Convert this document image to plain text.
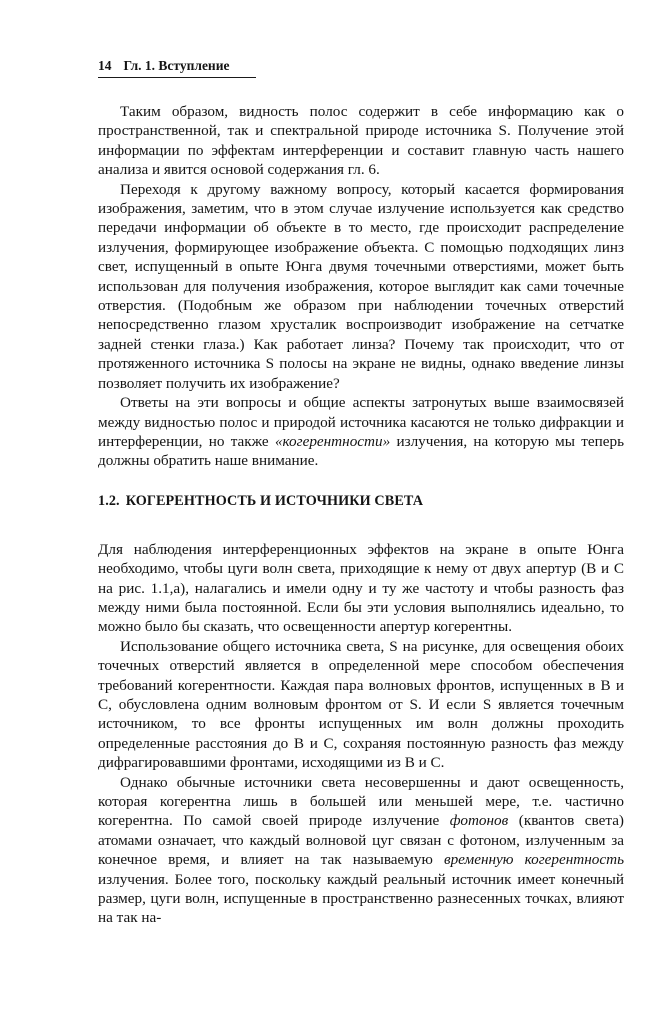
14 Гл. 1. Вступление

Таким образом, видность полос содержит в себе информацию как о пространственной, так и спектральной природе источника S. Получение этой информации по эффектам интерференции и составит главную часть нашего анализа и явится основой содержания гл. 6.

Переходя к другому важному вопросу, который касается формирования изображения, заметим, что в этом случае излучение используется как средство передачи информации об объекте в то место, где происходит распределение излучения, формирующее изображение объекта. С помощью подходящих линз свет, испущенный в опыте Юнга двумя точечными отверстиями, может быть использован для получения изображения, которое выглядит как сами точечные отверстия. (Подобным же образом при наблюдении точечных отверстий непосредственно глазом хрусталик воспроизводит изображение на сетчатке задней стенки глаза.) Как работает линза? Почему так происходит, что от протяженного источника S полосы на экране не видны, однако введение линзы позволяет получить их изображение?

Ответы на эти вопросы и общие аспекты затронутых выше взаимосвязей между видностью полос и природой источника касаются не только дифракции и интерференции, но также «когерентности» излучения, на которую мы теперь должны обратить наше внимание.

1.2. КОГЕРЕНТНОСТЬ И ИСТОЧНИКИ СВЕТА

Для наблюдения интерференционных эффектов на экране в опыте Юнга необходимо, чтобы цуги волн света, приходящие к нему от двух апертур (В и С на рис. 1.1,а), налагались и имели одну и ту же частоту и чтобы разность фаз между ними была постоянной. Если бы эти условия выполнялись идеально, то можно было бы сказать, что освещенности апертур когерентны.

Использование общего источника света, S на рисунке, для освещения обоих точечных отверстий является в определенной мере способом обеспечения требований когерентности. Каждая пара волновых фронтов, испущенных в В и С, обусловлена одним волновым фронтом от S. И если S является точечным источником, то все фронты испущенных им волн должны проходить определенные расстояния до В и С, сохраняя постоянную разность фаз между дифрагировавшими фронтами, исходящими из В и С.

Однако обычные источники света несовершенны и дают освещенность, которая когерентна лишь в большей или меньшей мере, т.е. частично когерентна. По самой своей природе излучение фотонов (квантов света) атомами означает, что каждый волновой цуг связан с фотоном, излученным за конечное время, и влияет на так называемую временную когерентность излучения. Более того, поскольку каждый реальный источник имеет конечный размер, цуги волн, испущенные в пространственно разнесенных точках, влияют на так на-
